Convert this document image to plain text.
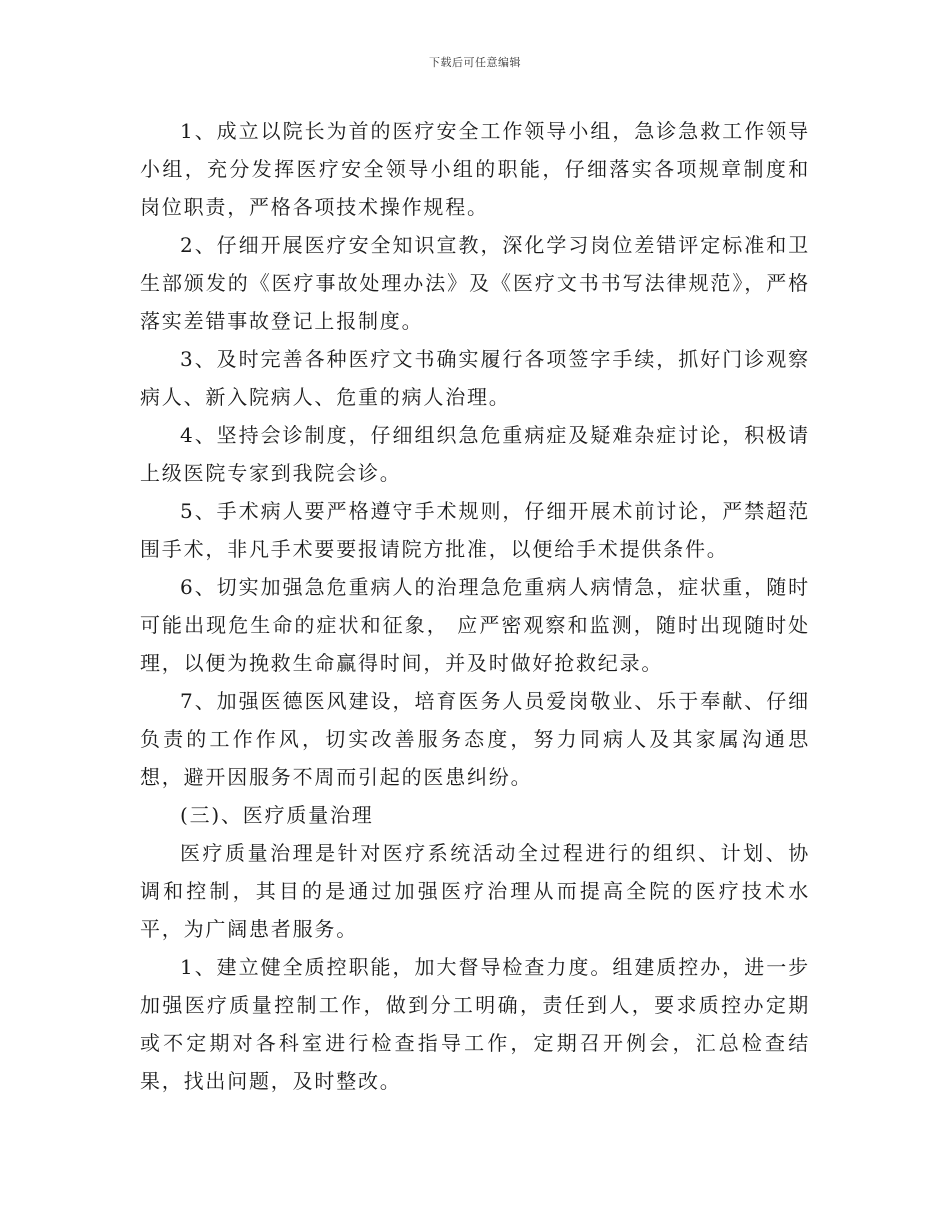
下载后可任意编辑

1、成立以院长为首的医疗安全工作领导小组，急诊急救工作领导小组，充分发挥医疗安全领导小组的职能，仔细落实各项规章制度和岗位职责，严格各项技术操作规程。

2、仔细开展医疗安全知识宣教，深化学习岗位差错评定标准和卫生部颁发的《医疗事故处理办法》及《医疗文书书写法律规范》，严格落实差错事故登记上报制度。

3、及时完善各种医疗文书确实履行各项签字手续，抓好门诊观察病人、新入院病人、危重的病人治理。

4、坚持会诊制度，仔细组织急危重病症及疑难杂症讨论，积极请上级医院专家到我院会诊。

5、手术病人要严格遵守手术规则，仔细开展术前讨论，严禁超范围手术，非凡手术要要报请院方批准，以便给手术提供条件。

6、切实加强急危重病人的治理急危重病人病情急，症状重，随时可能出现危生命的症状和征象， 应严密观察和监测，随时出现随时处理，以便为挽救生命赢得时间，并及时做好抢救纪录。

7、加强医德医风建设，培育医务人员爱岗敬业、乐于奉献、仔细负责的工作作风，切实改善服务态度，努力同病人及其家属沟通思想，避开因服务不周而引起的医患纠纷。

(三)、医疗质量治理

医疗质量治理是针对医疗系统活动全过程进行的组织、计划、协调和控制，其目的是通过加强医疗治理从而提高全院的医疗技术水平，为广阔患者服务。

1、建立健全质控职能，加大督导检查力度。组建质控办，进一步加强医疗质量控制工作，做到分工明确，责任到人，要求质控办定期或不定期对各科室进行检查指导工作，定期召开例会，汇总检查结果，找出问题，及时整改。
